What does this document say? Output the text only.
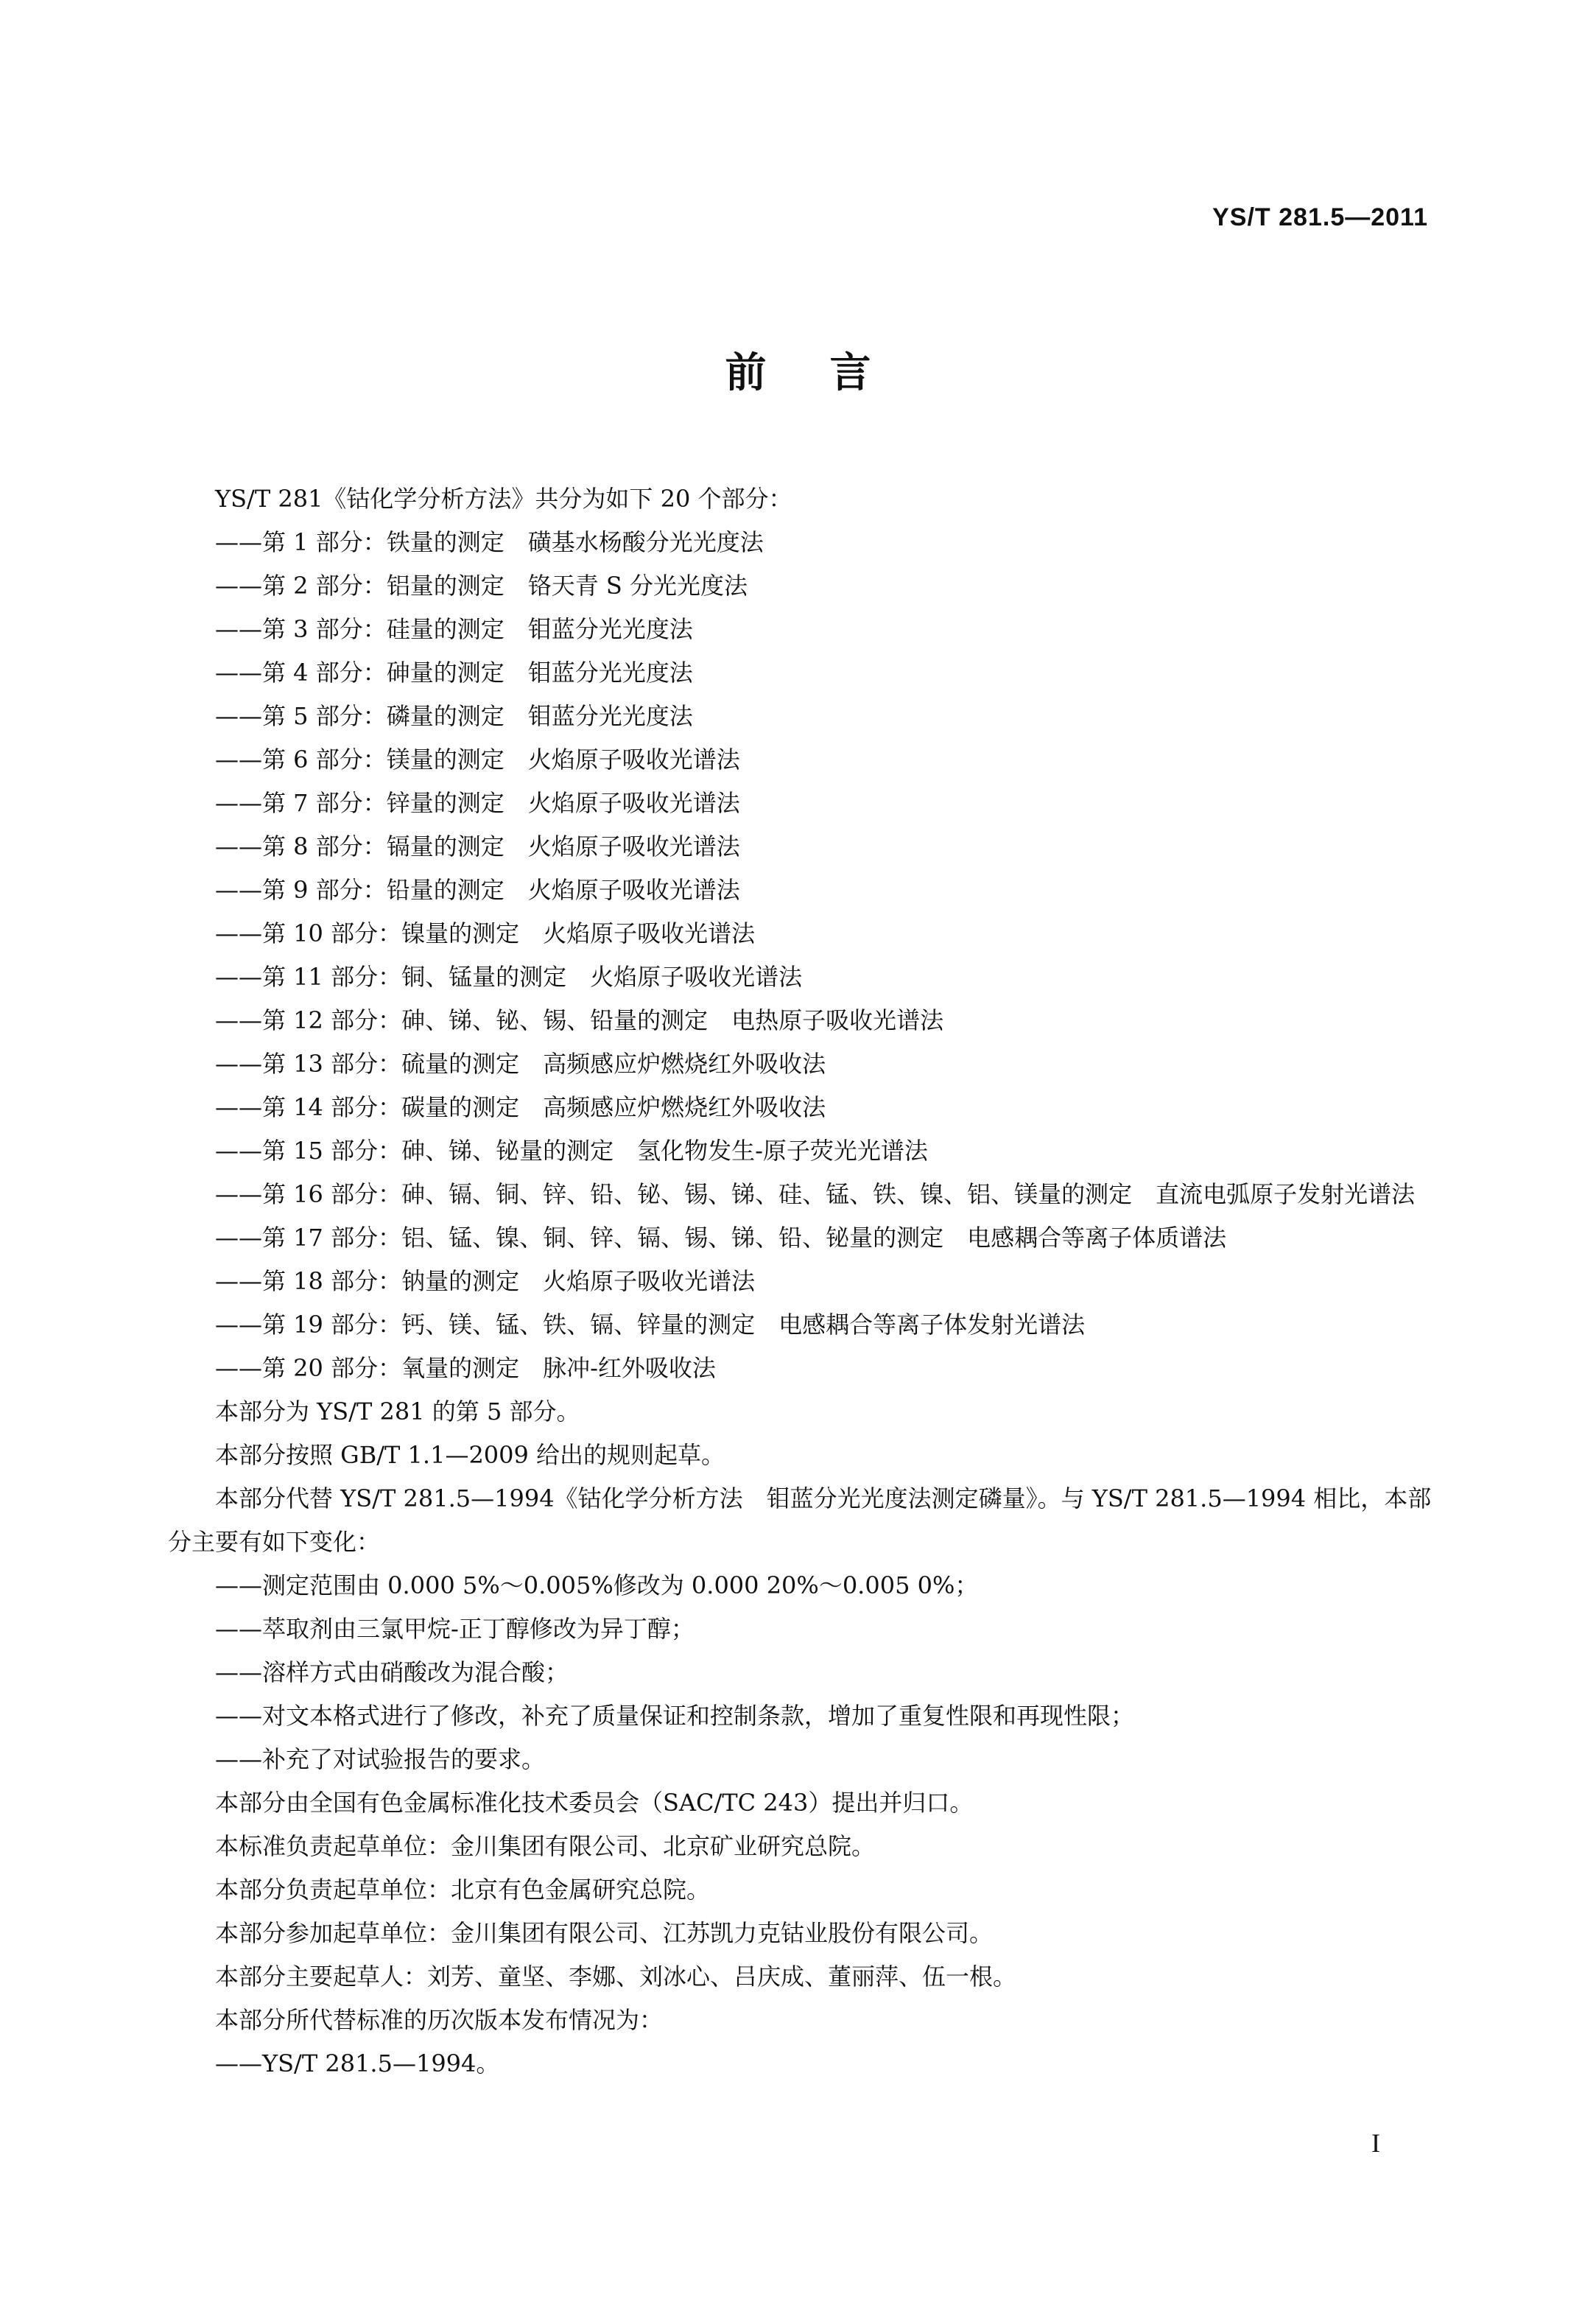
YS/T 281.5—2011
前言
YS/T 281《钴化学分析方法》共分为如下 20 个部分：
——第 1 部分：铁量的测定　磺基水杨酸分光光度法
——第 2 部分：铝量的测定　铬天青 S 分光光度法
——第 3 部分：硅量的测定　钼蓝分光光度法
——第 4 部分：砷量的测定　钼蓝分光光度法
——第 5 部分：磷量的测定　钼蓝分光光度法
——第 6 部分：镁量的测定　火焰原子吸收光谱法
——第 7 部分：锌量的测定　火焰原子吸收光谱法
——第 8 部分：镉量的测定　火焰原子吸收光谱法
——第 9 部分：铅量的测定　火焰原子吸收光谱法
——第 10 部分：镍量的测定　火焰原子吸收光谱法
——第 11 部分：铜、锰量的测定　火焰原子吸收光谱法
——第 12 部分：砷、锑、铋、锡、铅量的测定　电热原子吸收光谱法
——第 13 部分：硫量的测定　高频感应炉燃烧红外吸收法
——第 14 部分：碳量的测定　高频感应炉燃烧红外吸收法
——第 15 部分：砷、锑、铋量的测定　氢化物发生-原子荧光光谱法
——第 16 部分：砷、镉、铜、锌、铅、铋、锡、锑、硅、锰、铁、镍、铝、镁量的测定　直流电弧原子发射光谱法
——第 17 部分：铝、锰、镍、铜、锌、镉、锡、锑、铅、铋量的测定　电感耦合等离子体质谱法
——第 18 部分：钠量的测定　火焰原子吸收光谱法
——第 19 部分：钙、镁、锰、铁、镉、锌量的测定　电感耦合等离子体发射光谱法
——第 20 部分：氧量的测定　脉冲-红外吸收法
本部分为 YS/T 281 的第 5 部分。
本部分按照 GB/T 1.1—2009 给出的规则起草。
本部分代替 YS/T 281.5—1994《钴化学分析方法　钼蓝分光光度法测定磷量》。与 YS/T 281.5—1994 相比，本部分主要有如下变化：
——测定范围由 0.000 5%～0.005%修改为 0.000 20%～0.005 0%；
——萃取剂由三氯甲烷-正丁醇修改为异丁醇；
——溶样方式由硝酸改为混合酸；
——对文本格式进行了修改，补充了质量保证和控制条款，增加了重复性限和再现性限；
——补充了对试验报告的要求。
本部分由全国有色金属标准化技术委员会（SAC/TC 243）提出并归口。
本标准负责起草单位：金川集团有限公司、北京矿业研究总院。
本部分负责起草单位：北京有色金属研究总院。
本部分参加起草单位：金川集团有限公司、江苏凯力克钴业股份有限公司。
本部分主要起草人：刘芳、童坚、李娜、刘冰心、吕庆成、董丽萍、伍一根。
本部分所代替标准的历次版本发布情况为：
——YS/T 281.5—1994。
I
